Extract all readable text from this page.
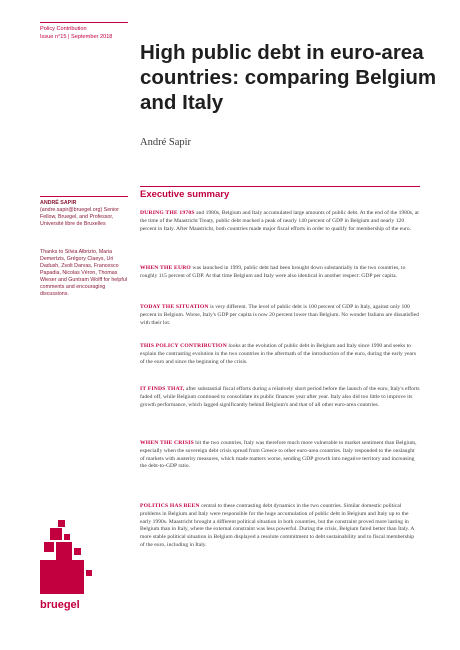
Policy Contribution
Issue n°15 | September 2018
High public debt in euro-area countries: comparing Belgium and Italy
André Sapir
ANDRÉ SAPIR (andre.sapir@bruegel.org) Senior Fellow, Bruegel, and Professor, Université libre de Bruxelles
Thanks to Silvia Albrizio, Maria Demertzis, Grégory Claeys, Uri Dadush, Zsolt Darvas, Francesco Papadia, Nicolas Véron, Thomas Wieser and Guntram Wolff for helpful comments and encouraging discussions.
Executive summary

DURING THE 1970S and 1980s, Belgium and Italy accumulated large amounts of public debt. At the end of the 1980s, at the time of the Maastricht Treaty, public debt reached a peak of nearly 140 percent of GDP in Belgium and nearly 120 percent in Italy. After Maastricht, both countries made major fiscal efforts in order to qualify for membership of the euro.

WHEN THE EURO was launched in 1999, public debt had been brought down substantially in the two countries, to roughly 115 percent of GDP. At that time Belgium and Italy were also identical in another respect: GDP per capita.

TODAY THE SITUATION is very different. The level of public debt is 100 percent of GDP in Italy, against only 100 percent in Belgium. Worse, Italy's GDP per capita is now 20 percent lower than Belgium. No wonder Italians are dissatisfied with their lot.

THIS POLICY CONTRIBUTION looks at the evolution of public debt in Belgium and Italy since 1990 and seeks to explain the contrasting evolution in the two countries in the aftermath of the introduction of the euro, during the early years of the euro and since the beginning of the crisis.

IT FINDS THAT, after substantial fiscal efforts during a relatively short period before the launch of the euro, Italy's efforts faded off, while Belgium continued to consolidate its public finances year after year. Italy also did too little to improve its growth performance, which lagged significantly behind Belgium's and that of all other euro-area countries.

WHEN THE CRISIS hit the two countries, Italy was therefore much more vulnerable to market sentiment than Belgium, especially when the sovereign debt crisis spread from Greece to other euro-area countries. Italy responded to the onslaught of markets with austerity measures, which made matters worse, sending GDP growth into negative territory and increasing the debt-to-GDP ratio.

POLITICS HAS BEEN central to these contrasting debt dynamics in the two countries. Similar domestic political problems in Belgium and Italy were responsible for the huge accumulation of public debt in Belgium and Italy up to the early 1990s. Maastricht brought a different political situation in both countries, but the constraint proved more lasting in Belgium than in Italy, where the external constraint was less powerful. During the crisis, Belgium fared better than Italy. A more stable political situation in Belgium displayed a resolute commitment to debt sustainability and to fiscal membership of the euro, including in Italy.

bruegel
